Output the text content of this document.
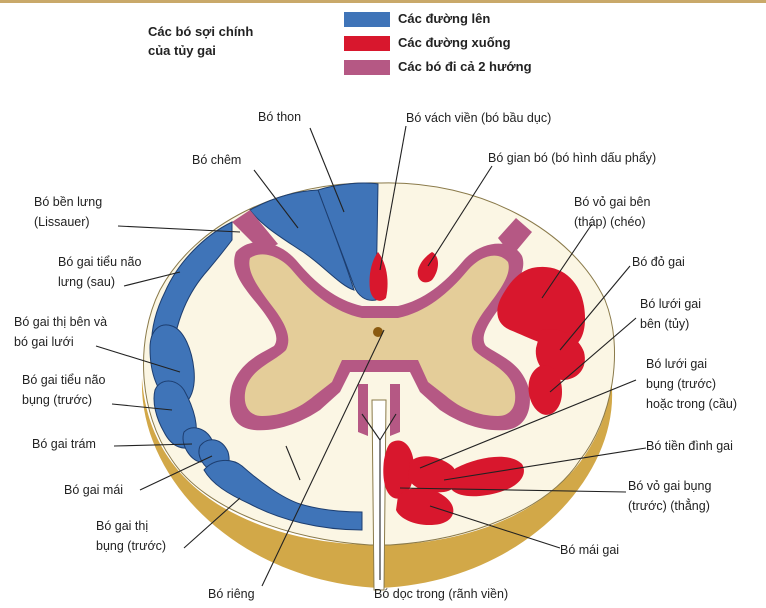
Các bó sợi chính
của tủy gai
Các đường lên
Các đường xuống
Các bó đi cả 2 hướng
Bó thon
Bó chêm
Bó bền lưng
(Lissauer)
Bó gai tiểu não
lưng (sau)
Bó gai thị bên và
bó gai lưới
Bó gai tiểu não
bụng (trước)
Bó gai trám
Bó gai mái
Bó gai thị
bụng (trước)
Bó riêng	Bó dọc trong (rãnh viền)
Bó vách viền (bó bầu dục)
Bó gian bó (bó hình dấu phẩy)
Bó vỏ gai bên
(tháp) (chéo)
Bó đỏ gai
Bó lưới gai
bên (tủy)
Bó lưới gai
bụng (trước)
hoặc trong (cầu)
Bó tiền đình gai
Bó vỏ gai bụng
(trước) (thẳng)
Bó mái gai
